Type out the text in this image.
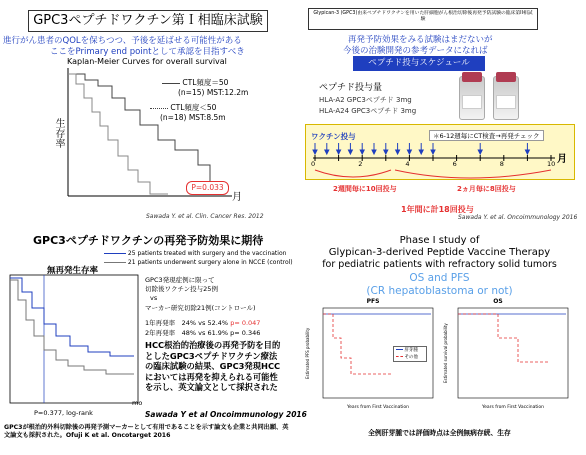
GPC3ペプチドワクチン第Ｉ相臨床試験
進行がん患者のQOLを保ちつつ、予後を延ばせる可能性がある
ここをPrimary end pointとして承認を目指すべき
Kaplan-Meier Curves for overall survival
生存率
CTL頻度＝50
(n=15) MST:12.2m
CTL頻度＜50
(n=18) MST:8.5m
P=0.033
月
Sawada Y. et al. Clin. Cancer Res. 2012
Glypican-3 (GPC3)由来ペプチドワクチンを用いた肝細胞がん根治切除後再発予防試験の臨床第II相試験
再発予防効果をみる試験はまだないが
今後の治験開発の参考データになれば
ペプチド投与スケジュール
ペプチド投与量
HLA-A2 GPC3ペプチド 3mg
HLA-A24 GPC3ペプチド 3mg
ワクチン投与	＊6-12週毎にCT検査→再発チェック
0	2	4	6	8	10 月
2週間毎に10回投与	2ヵ月毎に8回投与
1年間に計18回投与
Sawada Y. et al. Oncoimmunology 2016
GPC3ペプチドワクチンの再発予防効果に期待
25 patients treated with surgery and the vaccination
21 patients underwent surgery alone in NCCE (control)
無再発生存率
GPC3発現症例に限って
切除後ワクチン投与25例
vs
マーカー研究切除21例(コントロール)
1年再発率　24% vs 52.4% p= 0.047
2年再発率　48% vs 61.9% p= 0.346
HCC根治的治療後の再発予防を目的としたGPC3ペプチドワクチン療法の臨床試験の結果、GPC3発現HCCにおいては再発を抑えられる可能性を示し、英文論文として採択された
P=0.377, log-rank
mo
Sawada Y et al Oncoimmunology 2016
GPC3が根治的外科切除後の再発予測マーカーとして有用であることを示す論文も企業と共同出願、英文論文も採択された。Ofuji K et al. Oncotarget 2016
Phase I study of
Glypican-3-derived Peptide Vaccine Therapy
for pediatric patients with refractory solid tumors
OS and PFS
(CR hepatoblastoma or not)
PFS	OS
Estimated PFS probability	Estimated survival probability
肝芽腫
その他
Years from First Vaccination	Years from First Vaccination
全例肝芽腫では評価時点は全例無病存続、生存
